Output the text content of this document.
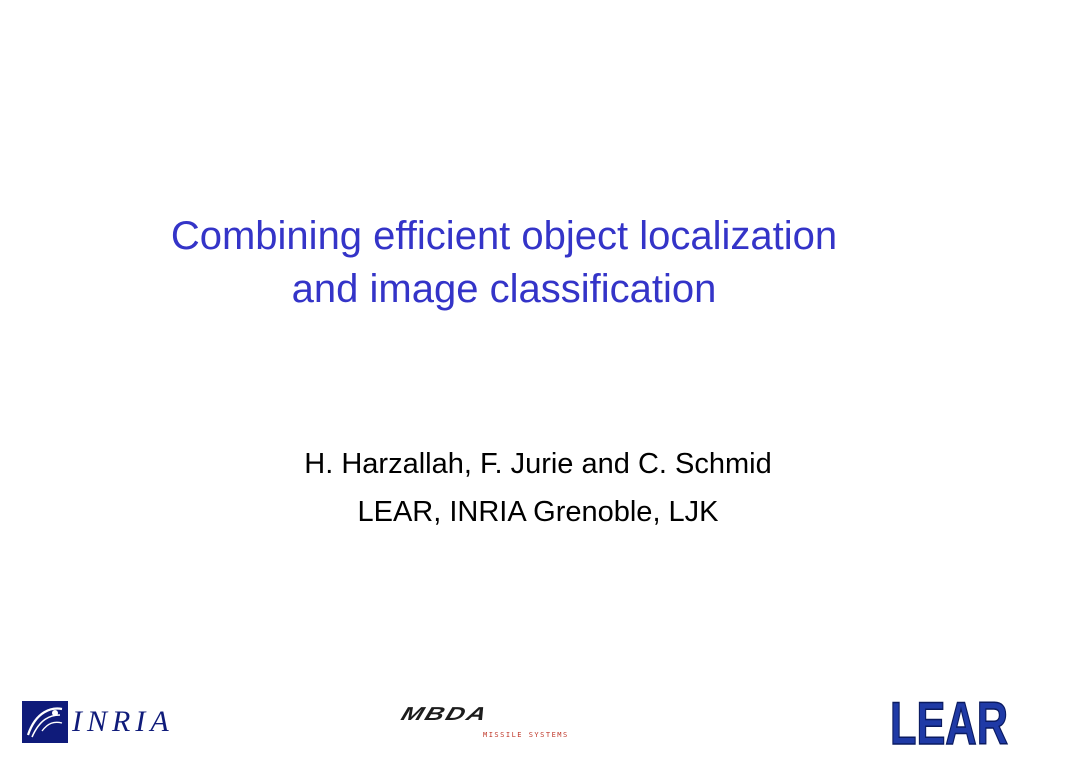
Combining efficient object localization
and image classification
H. Harzallah, F. Jurie and C. Schmid
LEAR, INRIA Grenoble, LJK
INRIA	MBDA
MISSILE SYSTEMS	LEAR
